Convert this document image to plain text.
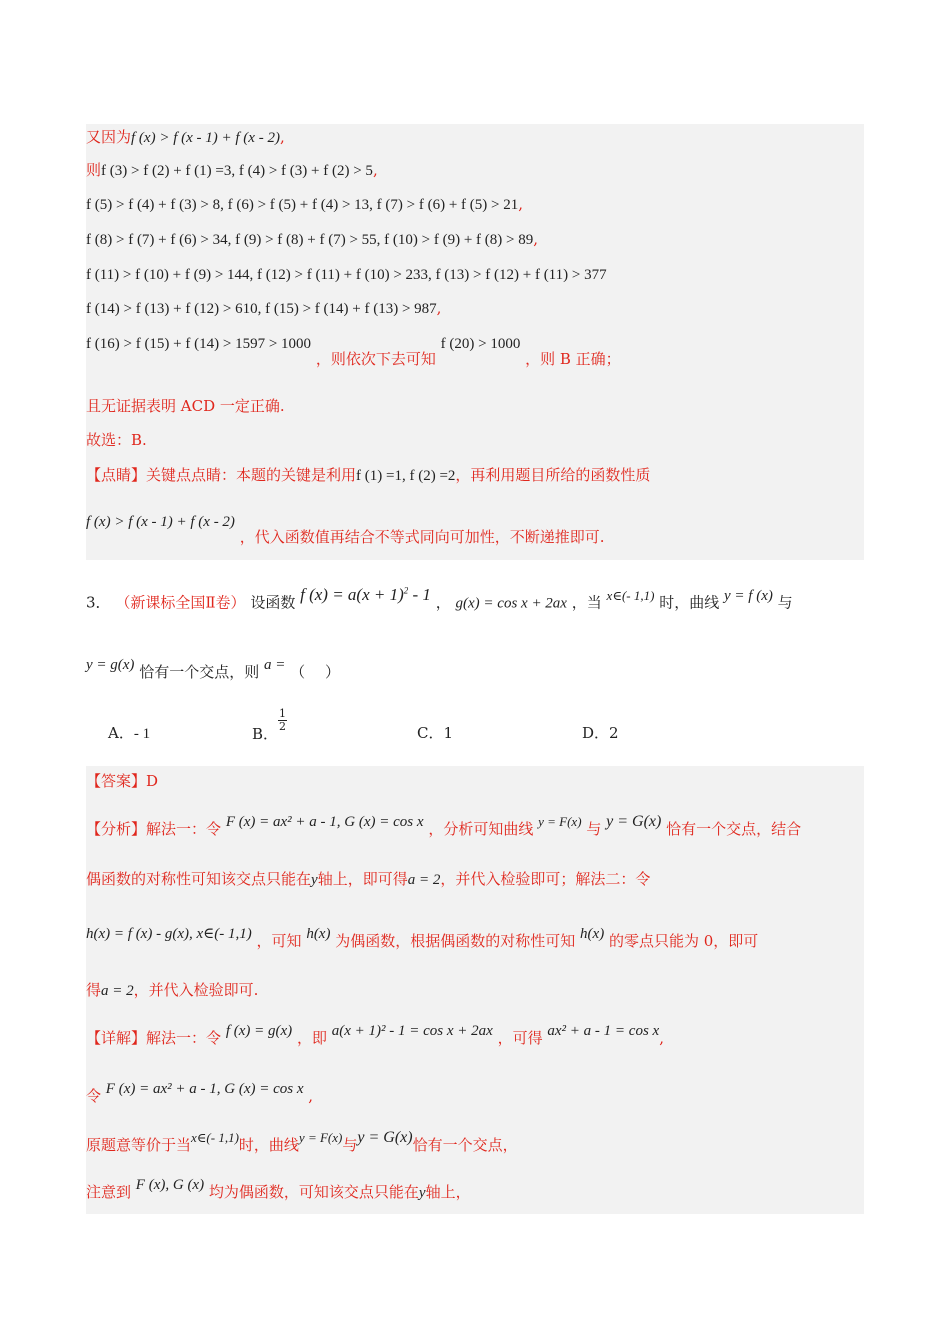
又因为f (x) > f (x - 1) + f (x - 2),
则f (3) > f (2) + f (1) =3, f (4) > f (3) + f (2) > 5,
f (5) > f (4) + f (3) > 8, f (6) > f (5) + f (4) > 13, f (7) > f (6) + f (5) > 21,
f (8) > f (7) + f (6) > 34, f (9) > f (8) + f (7) > 55, f (10) > f (9) + f (8) > 89,
f (11) > f (10) + f (9) > 144, f (12) > f (11) + f (10) > 233, f (13) > f (12) + f (11) > 377
f (14) > f (13) + f (12) > 610, f (15) > f (14) + f (13) > 987,
f (16) > f (15) + f (14) > 1597 > 1000 ，则依次下去可知 f (20) > 1000 ，则 B 正确；
且无证据表明 ACD 一定正确.
故选：B.
【点睛】关键点点睛：本题的关键是利用f (1) =1, f (2) =2，再利用题目所给的函数性质
f (x) > f (x - 1) + f (x - 2) ，代入函数值再结合不等式同向可加性，不断递推即可.
3． （新课标全国Ⅱ卷） 设函数 f $(x) = a(x + 1)^2 - 1$ ， g(x) = cos x + 2ax ，当 x∈(- 1,1) 时，曲线 y = f (x) 与
y = g(x) 恰有一个交点，则 a = （　 ）
A．- 1	B．
$\frac{1}{2}$	C．1	D．2
【答案】D
【分析】解法一：令 F (x) = ax² + a - 1, G (x) = cos x ，分析可知曲线 y = F(x) 与 y = G(x) 恰有一个交点，结合
偶函数的对称性可知该交点只能在y轴上，即可得a = 2，并代入检验即可；解法二：令
h(x) = f (x) - g(x), x∈(- 1,1) ，可知 h(x) 为偶函数，根据偶函数的对称性可知 h(x) 的零点只能为 0，即可
得a = 2，并代入检验即可.
【详解】解法一：令 f (x) = g(x) ，即 a(x + 1)² - 1 = cos x + 2ax ，可得 ax² + a - 1 = cos x,
令 F (x) = ax² + a - 1, G (x) = cos x ,
原题意等价于当x∈(- 1,1)时，曲线y = F(x)与y = G(x)恰有一个交点，
注意到 F (x), G (x) 均为偶函数，可知该交点只能在y轴上，
